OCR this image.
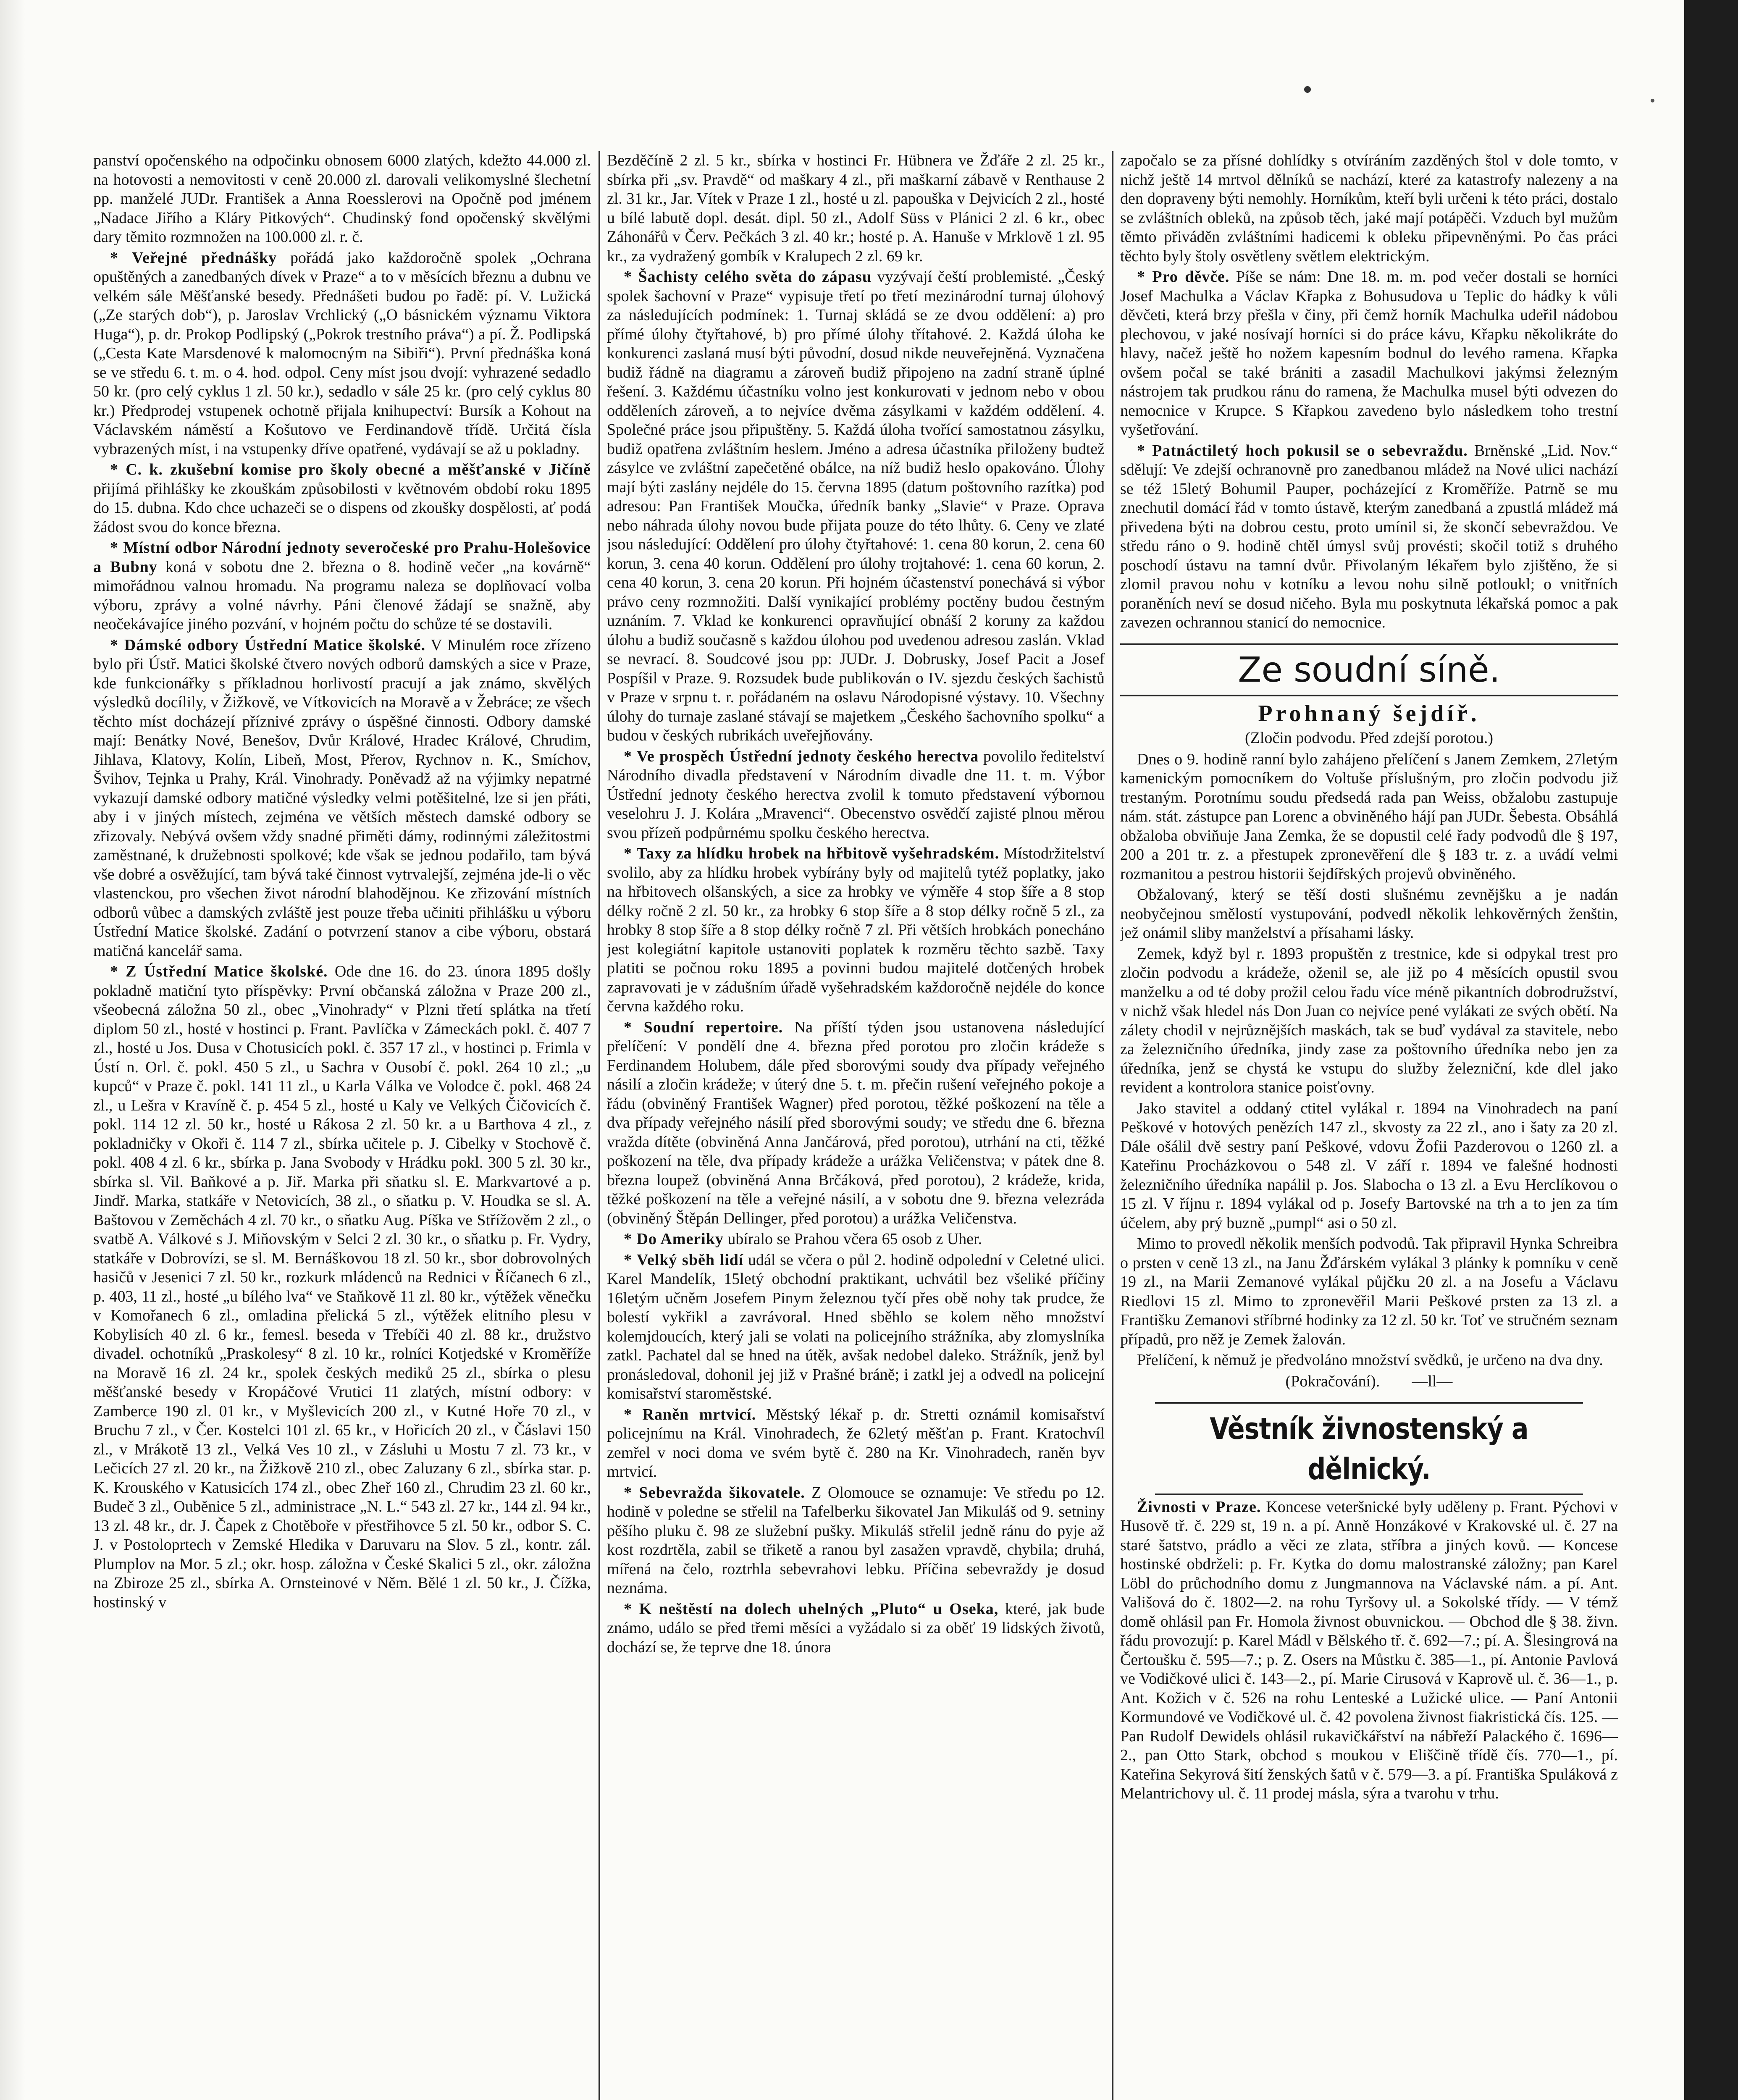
panství opočenského na odpočinku obnosem 6000 zlatých, kdežto 44.000 zl. na hotovosti a nemovitosti v ceně 20.000 zl. darovali velikomyslné šlechetní pp. manželé JUDr. František a Anna Roesslerovi na Opočně pod jménem „Nadace Jiřího a Kláry Pitkových“. Chudinský fond opočenský skvělými dary těmito rozmnožen na 100.000 zl. r. č.

* Veřejné přednášky pořádá jako každoročně spolek „Ochrana opuštěných a zanedbaných dívek v Praze“ a to v měsících březnu a dubnu ve velkém sále Měšťanské besedy. Přednášeti budou po řadě: pí. V. Lužická („Ze starých dob“), p. Jaroslav Vrchlický („O básnickém významu Viktora Huga“), p. dr. Prokop Podlipský („Pokrok trestního práva“) a pí. Ž. Podlipská („Cesta Kate Marsdenové k malomocným na Sibiři“). První přednáška koná se ve středu 6. t. m. o 4. hod. odpol. Ceny míst jsou dvojí: vyhrazené sedadlo 50 kr. (pro celý cyklus 1 zl. 50 kr.), sedadlo v sále 25 kr. (pro celý cyklus 80 kr.) Předprodej vstupenek ochotně přijala knihupectví: Bursík a Kohout na Václavském náměstí a Košutovo ve Ferdinandově třídě. Určitá čísla vybrazených míst, i na vstupenky dříve opatřené, vydávají se až u pokladny.

* C. k. zkušební komise pro školy obecné a měšťanské v Jičíně přijímá přihlášky ke zkouškám způsobilosti v květnovém období roku 1895 do 15. dubna. Kdo chce uchazeči se o dispens od zkoušky dospělosti, ať podá žádost svou do konce března.

* Místní odbor Národní jednoty severočeské pro Prahu-Holešovice a Bubny koná v sobotu dne 2. března o 8. hodině večer „na kovárně“ mimořádnou valnou hromadu. Na programu naleza se doplňovací volba výboru, zprávy a volné návrhy. Páni členové žádají se snažně, aby neočekávajíce jiného pozvání, v hojném počtu do schůze té se dostavili.

* Dámské odbory Ústřední Matice školské. V Minulém roce zřízeno bylo při Ústř. Matici školské čtvero nových odborů damských a sice v Praze, kde funkcionářky s příkladnou horlivostí pracují a jak známo, skvělých výsledků docílily, v Žižkově, ve Vítkovicích na Moravě a v Žebráce; ze všech těchto míst docházejí příznivé zprávy o úspěšné činnosti. Odbory damské mají: Benátky Nové, Benešov, Dvůr Králové, Hradec Králové, Chrudim, Jihlava, Klatovy, Kolín, Libeň, Most, Přerov, Rychnov n. K., Smíchov, Švihov, Tejnka u Prahy, Král. Vinohrady. Poněvadž až na výjimky nepatrné vykazují damské odbory matičné výsledky velmi potěšitelné, lze si jen přáti, aby i v jiných místech, zejména ve větších městech damské odbory se zřizovaly. Nebývá ovšem vždy snadné přiměti dámy, rodinnými záležitostmi zaměstnané, k družebnosti spolkové; kde však se jednou podařilo, tam bývá vše dobré a osvěžující, tam bývá také činnost vytrvalejší, zejména jde-li o věc vlastenckou, pro všechen život národní blahodějnou. Ke zřizování místních odborů vůbec a damských zvláště jest pouze třeba učiniti přihlášku u výboru Ústřední Matice školské. Zadání o potvrzení stanov a cibe výboru, obstará matičná kancelář sama.

* Z Ústřední Matice školské. Ode dne 16. do 23. února 1895 došly pokladně matiční tyto příspěvky: První občanská záložna v Praze 200 zl., všeobecná záložna 50 zl., obec „Vinohrady“ v Plzni třetí splátka na třetí diplom 50 zl., hosté v hostinci p. Frant. Pavlíčka v Zámeckách pokl. č. 407 7 zl., hosté u Jos. Dusa v Chotusicích pokl. č. 357 17 zl., v hostinci p. Frimla v Ústí n. Orl. č. pokl. 450 5 zl., u Sachra v Ousobí č. pokl. 264 10 zl.; „u kupců“ v Praze č. pokl. 141 11 zl., u Karla Válka ve Volodce č. pokl. 468 24 zl., u Lešra v Kravíně č. p. 454 5 zl., hosté u Kaly ve Velkých Čičovicích č. pokl. 114 12 zl. 50 kr., hosté u Rákosa 2 zl. 50 kr. a u Barthova 4 zl., z pokladničky v Okoři č. 114 7 zl., sbírka učitele p. J. Cibelky v Stochově č. pokl. 408 4 zl. 6 kr., sbírka p. Jana Svobody v Hrádku pokl. 300 5 zl. 30 kr., sbírka sl. Vil. Baňkové a p. Jiř. Marka při sňatku sl. E. Markvartové a p. Jindř. Marka, statkáře v Netovicích, 38 zl., o sňatku p. V. Houdka se sl. A. Baštovou v Zeměchách 4 zl. 70 kr., o sňatku Aug. Píška ve Střížověm 2 zl., o svatbě A. Válkové s J. Miňovským v Selci 2 zl. 30 kr., o sňatku p. Fr. Vydry, statkáře v Dobrovízi, se sl. M. Bernáškovou 18 zl. 50 kr., sbor dobrovolných hasičů v Jesenici 7 zl. 50 kr., rozkurk mládenců na Rednici v Říčanech 6 zl., p. 403, 11 zl., hosté „u bílého lva“ ve Staňkově 11 zl. 80 kr., výtěžek věnečku v Komořanech 6 zl., omladina přelická 5 zl., výtěžek elitního plesu v Kobylisích 40 zl. 6 kr., femesl. beseda v Třebíči 40 zl. 88 kr., družstvo divadel. ochotníků „Praskolesy“ 8 zl. 10 kr., rolníci Kotjedské v Kroměříže na Moravě 16 zl. 24 kr., spolek českých mediků 25 zl., sbírka o plesu měšťanské besedy v Kropáčové Vrutici 11 zlatých, místní odbory: v Zamberce 190 zl. 01 kr., v Myšlevicích 200 zl., v Kutné Hoře 70 zl., v Bruchu 7 zl., v Čer. Kostelci 101 zl. 65 kr., v Hořicích 20 zl., v Čáslavi 150 zl., v Mrákotě 13 zl., Velká Ves 10 zl., v Zásluhi u Mostu 7 zl. 73 kr., v Lečicích 27 zl. 20 kr., na Žižkově 210 zl., obec Zaluzany 6 zl., sbírka star. p. K. Krouského v Katusicích 174 zl., obec Zheř 160 zl., Chrudim 23 zl. 60 kr., Budeč 3 zl., Oubĕnice 5 zl., administrace „N. L.“ 543 zl. 27 kr., 144 zl. 94 kr., 13 zl. 48 kr., dr. J. Čapek z Chotěboře v přestřihovce 5 zl. 50 kr., odbor S. C. J. v Postoloprtech v Zemské Hledika v Daruvaru na Slov. 5 zl., kontr. zál. Plumplov na Mor. 5 zl.; okr. hosp. záložna v České Skalici 5 zl., okr. záložna na Zbiroze 25 zl., sbírka A. Ornsteinové v Něm. Bělé 1 zl. 50 kr., J. Čížka, hostinský v

Bezděčíně 2 zl. 5 kr., sbírka v hostinci Fr. Hübnera ve Žďáře 2 zl. 25 kr., sbírka při „sv. Pravdě“ od maškary 4 zl., při maškarní zábavě v Renthause 2 zl. 31 kr., Jar. Vítek v Praze 1 zl., hosté u zl. papouška v Dejvicích 2 zl., hosté u bílé labutě dopl. desát. dipl. 50 zl., Adolf Süss v Plánici 2 zl. 6 kr., obec Záhonářů v Červ. Pečkách 3 zl. 40 kr.; hosté p. A. Hanuše v Mrklově 1 zl. 95 kr., za vydražený gombík v Kralupech 2 zl. 69 kr.

* Šachisty celého světa do zápasu vyzývají čeští problemisté. „Český spolek šachovní v Praze“ vypisuje třetí po třetí mezinárodní turnaj úlohový za následujících podmínek: 1. Turnaj skládá se ze dvou oddělení: a) pro přímé úlohy čtyřtahové, b) pro přímé úlohy třítahové. 2. Každá úloha ke konkurenci zaslaná musí býti původní, dosud nikde neuveřejněná. Vyznačena budiž řádně na diagramu a zároveň budiž připojeno na zadní straně úplné řešení. 3. Každému účastníku volno jest konkurovati v jednom nebo v obou odděleních zároveň, a to nejvíce dvěma zásylkami v každém oddělení. 4. Společné práce jsou připuštěny. 5. Každá úloha tvořící samostatnou zásylku, budiž opatřena zvláštním heslem. Jméno a adresa účastníka přiloženy budtež zásylce ve zvláštní zapečetěné obálce, na níž budiž heslo opakováno. Úlohy mají býti zaslány nejdéle do 15. června 1895 (datum poštovního razítka) pod adresou: Pan František Moučka, úředník banky „Slavie“ v Praze. Oprava nebo náhrada úlohy novou bude přijata pouze do této lhůty. 6. Ceny ve zlaté jsou následující: Oddělení pro úlohy čtyřtahové: 1. cena 80 korun, 2. cena 60 korun, 3. cena 40 korun. Oddělení pro úlohy trojtahové: 1. cena 60 korun, 2. cena 40 korun, 3. cena 20 korun. Při hojném účastenství ponechává si výbor právo ceny rozmnožiti. Další vynikající problémy poctěny budou čestným uznáním. 7. Vklad ke konkurenci opravňující obnáší 2 koruny za každou úlohu a budiž současně s každou úlohou pod uvedenou adresou zaslán. Vklad se nevrací. 8. Soudcové jsou pp: JUDr. J. Dobrusky, Josef Pacit a Josef Pospíšil v Praze. 9. Rozsudek bude publikován o IV. sjezdu českých šachistů v Praze v srpnu t. r. pořádaném na oslavu Národopisné výstavy. 10. Všechny úlohy do turnaje zaslané stávají se majetkem „Českého šachovního spolku“ a budou v českých rubrikách uveřejňovány.

* Ve prospěch Ústřední jednoty českého herectva povolilo ředitelství Národního divadla představení v Národním divadle dne 11. t. m. Výbor Ústřední jednoty českého herectva zvolil k tomuto představení výbornou veselohru J. J. Kolára „Mravenci“. Obecenstvo osvědčí zajisté plnou měrou svou přízeň podpůrnému spolku českého herectva.

* Taxy za hlídku hrobek na hřbitově vyšehradském. Místodržitelství svolilo, aby za hlídku hrobek vybírány byly od majitelů tytéž poplatky, jako na hřbitovech olšanských, a sice za hrobky ve výměře 4 stop šíře a 8 stop délky ročně 2 zl. 50 kr., za hrobky 6 stop šíře a 8 stop délky ročně 5 zl., za hrobky 8 stop šíře a 8 stop délky ročně 7 zl. Při větších hrobkách ponecháno jest kolegiátní kapitole ustanoviti poplatek k rozměru těchto sazbě. Taxy platiti se počnou roku 1895 a povinni budou majitelé dotčených hrobek zapravovati je v zádušním úřadě vyšehradském každoročně nejdéle do konce června každého roku.

* Soudní repertoire. Na příští týden jsou ustanovena následující přelíčení: V pondělí dne 4. března před porotou pro zločin krádeže s Ferdinandem Holubem, dále před sborovými soudy dva případy veřejného násilí a zločin krádeže; v úterý dne 5. t. m. přečin rušení veřejného pokoje a řádu (obviněný František Wagner) před porotou, těžké poškození na těle a dva případy veřejného násilí před sborovými soudy; ve středu dne 6. března vražda dítěte (obviněná Anna Jančárová, před porotou), utrhání na cti, těžké poškození na těle, dva případy krádeže a urážka Veličenstva; v pátek dne 8. března loupež (obviněná Anna Brčáková, před porotou), 2 krádeže, krida, těžké poškození na těle a veřejné násilí, a v sobotu dne 9. března velezráda (obviněný Štěpán Dellinger, před porotou) a urážka Veličenstva.

* Do Ameriky ubíralo se Prahou včera 65 osob z Uher.

* Velký sběh lidí udál se včera o půl 2. hodině odpolední v Celetné ulici. Karel Mandelík, 15letý obchodní praktikant, uchvátil bez všeliké příčiny 16letým učněm Josefem Pinym železnou tyčí přes obě nohy tak prudce, že bolestí vykřikl a zavrávoral. Hned sběhlo se kolem něho množství kolemjdoucích, který jali se volati na policejního strážníka, aby zlomyslníka zatkl. Pachatel dal se hned na útěk, avšak nedobel daleko. Strážník, jenž byl pronásledoval, dohonil jej již v Prašné bráně; i zatkl jej a odvedl na policejní komisařství staroměstské.

* Raněn mrtvicí. Městský lékař p. dr. Stretti oznámil komisařství policejnímu na Král. Vinohradech, že 62letý měšťan p. Frant. Kratochvíl zemřel v noci doma ve svém bytě č. 280 na Kr. Vinohradech, raněn byv mrtvicí.

* Sebevražda šikovatele. Z Olomouce se oznamuje: Ve středu po 12. hodině v poledne se střelil na Tafelberku šikovatel Jan Mikuláš od 9. setniny pěšího pluku č. 98 ze služební pušky. Mikuláš střelil jedně ránu do pyje až kost rozdrtěla, zabil se třiketě a ranou byl zasažen vpravdě, chybila; druhá, mířená na čelo, roztrhla sebevrahovi lebku. Příčina sebevraždy je dosud neznáma.

* K neštěstí na dolech uhelných „Pluto“ u Oseka, které, jak bude známo, událo se před třemi měsíci a vyžádalo si za oběť 19 lidských životů, dochází se, že teprve dne 18. února

započalo se za přísné dohlídky s otvíráním zazděných štol v dole tomto, v nichž ještě 14 mrtvol dělníků se nachází, které za katastrofy nalezeny a na den dopraveny býti nemohly. Horníkům, kteří byli určeni k této práci, dostalo se zvláštních obleků, na způsob těch, jaké mají potápěči. Vzduch byl mužům těmto přiváděn zvláštními hadicemi k obleku připevněnými. Po čas práci těchto byly štoly osvětleny světlem elektrickým.

* Pro děvče. Píše se nám: Dne 18. m. m. pod večer dostali se horníci Josef Machulka a Václav Křapka z Bohusudova u Teplic do hádky k vůli děvčeti, která brzy přešla v činy, při čemž horník Machulka udeřil nádobou plechovou, v jaké nosívají horníci si do práce kávu, Křapku několikráte do hlavy, načež ještě ho nožem kapesním bodnul do levého ramena. Křapka ovšem počal se také brániti a zasadil Machulkovi jakýmsi železným nástrojem tak prudkou ránu do ramena, že Machulka musel býti odvezen do nemocnice v Krupce. S Křapkou zavedeno bylo následkem toho trestní vyšetřování.

* Patnáctiletý hoch pokusil se o sebevraždu. Brněnské „Lid. Nov.“ sdělují: Ve zdejší ochranovně pro zanedbanou mládež na Nové ulici nachází se též 15letý Bohumil Pauper, pocházející z Kroměříže. Patrně se mu znechutil domácí řád v tomto ústavě, kterým zanedbaná a zpustlá mládež má přivedena býti na dobrou cestu, proto umínil si, že skončí sebevraždou. Ve středu ráno o 9. hodině chtěl úmysl svůj provésti; skočil totiž s druhého poschodí ústavu na tamní dvůr. Přivolaným lékařem bylo zjištěno, že si zlomil pravou nohu v kotníku a levou nohu silně potloukl; o vnitřních poraněních neví se dosud ničeho. Byla mu poskytnuta lékařská pomoc a pak zavezen ochrannou stanicí do nemocnice.

Ze soudní síně.
Prohnaný šejdíř.
(Zločin podvodu. Před zdejší porotou.)

Dnes o 9. hodině ranní bylo zahájeno přelíčení s Janem Zemkem, 27letým kamenickým pomocníkem do Voltuše příslušným, pro zločin podvodu již trestaným. Porotnímu soudu předsedá rada pan Weiss, obžalobu zastupuje nám. stát. zástupce pan Lorenc a obviněného hájí pan JUDr. Šebesta. Obsáhlá obžaloba obviňuje Jana Zemka, že se dopustil celé řady podvodů dle § 197, 200 a 201 tr. z. a přestupek zpronevěření dle § 183 tr. z. a uvádí velmi rozmanitou a pestrou historii šejdířských projevů obviněného.

Obžalovaný, který se těší dosti slušnému zevnějšku a je nadán neobyčejnou smělostí vystupování, podvedl několik lehkověrných ženštin, jež onámil sliby manželství a přísahami lásky.

Zemek, když byl r. 1893 propuštěn z trestnice, kde si odpykal trest pro zločin podvodu a krádeže, oženil se, ale již po 4 měsících opustil svou manželku a od té doby prožil celou řadu více méně pikantních dobrodružství, v nichž však hledel nás Don Juan co nejvíce pené vylákati ze svých obětí. Na záletу chodil v nejrůznějších maskách, tak se buď vydával za stavitele, nebo za železničního úředníka, jindy zase za poštovního úředníka nebo jen za úředníka, jenž se chystá ke vstupu do služby železniční, kde dlel jako revident a kontrolora stanice poisťovny.

Jako stavitel a oddaný ctitel vylákal r. 1894 na Vinohradech na paní Peškové v hotových penězích 147 zl., skvosty za 22 zl., ano i šaty za 20 zl. Dále ošálil dvě sestry paní Peškové, vdovu Žofii Pazderovou o 1260 zl. a Kateřinu Procházkovou o 548 zl. V září r. 1894 ve falešné hodnosti železničního úředníka napálil p. Jos. Slabocha o 13 zl. a Evu Herclíkovou o 15 zl. V říjnu r. 1894 vylákal od p. Josefy Bartovské na trh a to jen za tím účelem, aby prý buzně „pumpl“ asi o 50 zl.

Mimo to provedl několik menších podvodů. Tak připravil Hynka Schreibra o prsten v ceně 13 zl., na Janu Žďárském vylákal 3 plánky k pomníku v ceně 19 zl., na Marii Zemanové vylákal půjčku 20 zl. a na Josefu a Václavu Riedlovi 15 zl. Mimo to zpronevěřil Marii Peškové prsten za 13 zl. a Františku Zemanovi stříbrné hodinky za 12 zl. 50 kr. Toť ve stručném seznam případů, pro něž je Zemek žalován.

Přelíčení, k němuž je předvoláno množství svědků, je určeno na dva dny.

(Pokračování). —ll—

Věstník živnostenský a dělnický.

Živnosti v Praze. Koncese veteršnické byly uděleny p. Frant. Pýchovi v Husově tř. č. 229 st, 19 n. a pí. Anně Honzákové v Krakovské ul. č. 27 na staré šatstvo, prádlo a věci ze zlata, stříbra a jiných kovů. — Koncese hostinské obdrželi: p. Fr. Kytka do domu malostranské záložny; pan Karel Löbl do průchodního domu z Jungmannova na Václavské nám. a pí. Ant. Vališová do č. 1802—2. na rohu Tyršovy ul. a Sokolské třídy. — V témž domě ohlásil pan Fr. Homola živnost obuvnickou. — Obchod dle § 38. živn. řádu provozují: p. Karel Mádl v Bělského tř. č. 692—7.; pí. A. Šlesingrová na Čertoušku č. 595—7.; p. Z. Osers na Můstku č. 385—1., pí. Antonie Pavlová ve Vodičkové ulici č. 143—2., pí. Marie Cirusová v Kaprově ul. č. 36—1., p. Ant. Kožich v č. 526 na rohu Lenteské a Lužické ulice. — Paní Antonii Kormundové ve Vodičkové ul. č. 42 povolena živnost fiakristická čís. 125. — Pan Rudolf Dewidels ohlásil rukavičkářství na nábřeží Palackého č. 1696—2., pan Otto Stark, obchod s moukou v Eliščině třídě čís. 770—1., pí. Kateřina Sekyrová šití ženských šatů v č. 579—3. a pí. Františka Spuláková z Melantrichovy ul. č. 11 prodej másla, sýra a tvarohu v trhu.
